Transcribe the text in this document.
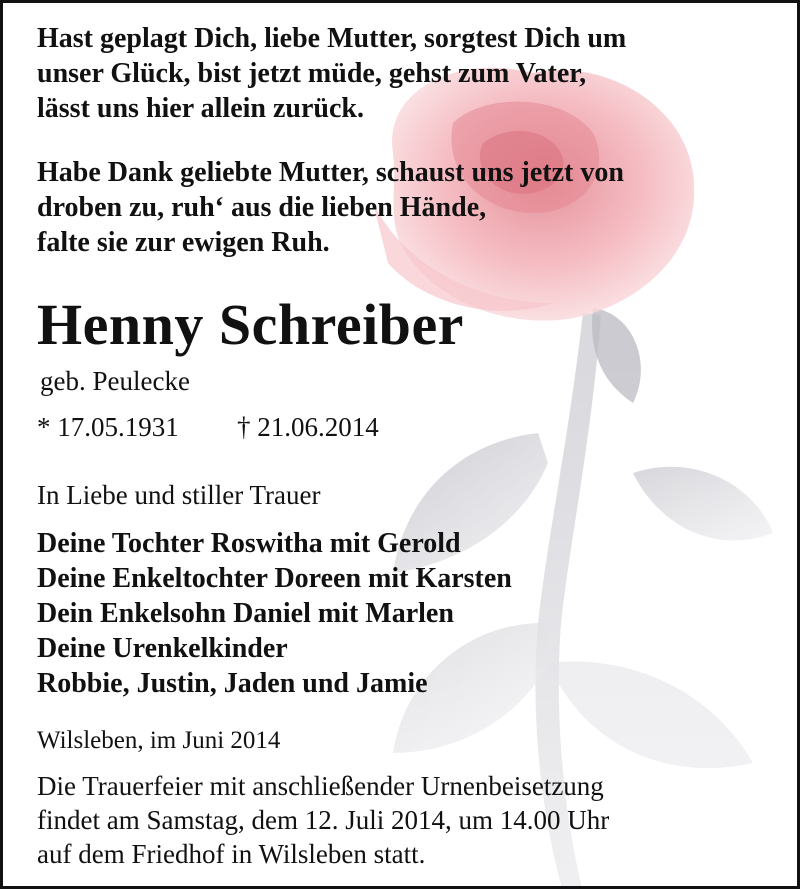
Hast geplagt Dich, liebe Mutter, sorgtest Dich um
unser Glück, bist jetzt müde, gehst zum Vater,
lässt uns hier allein zurück.
Habe Dank geliebte Mutter, schaust uns jetzt von
droben zu, ruh‘ aus die lieben Hände,
falte sie zur ewigen Ruh.
Henny Schreiber
geb. Peulecke
* 17.05.1931 † 21.06.2014
In Liebe und stiller Trauer
Deine Tochter Roswitha mit Gerold
Deine Enkeltochter Doreen mit Karsten
Dein Enkelsohn Daniel mit Marlen
Deine Urenkelkinder
Robbie, Justin, Jaden und Jamie
Wilsleben, im Juni 2014
Die Trauerfeier mit anschließender Urnenbeisetzung
findet am Samstag, dem 12. Juli 2014, um 14.00 Uhr
auf dem Friedhof in Wilsleben statt.
